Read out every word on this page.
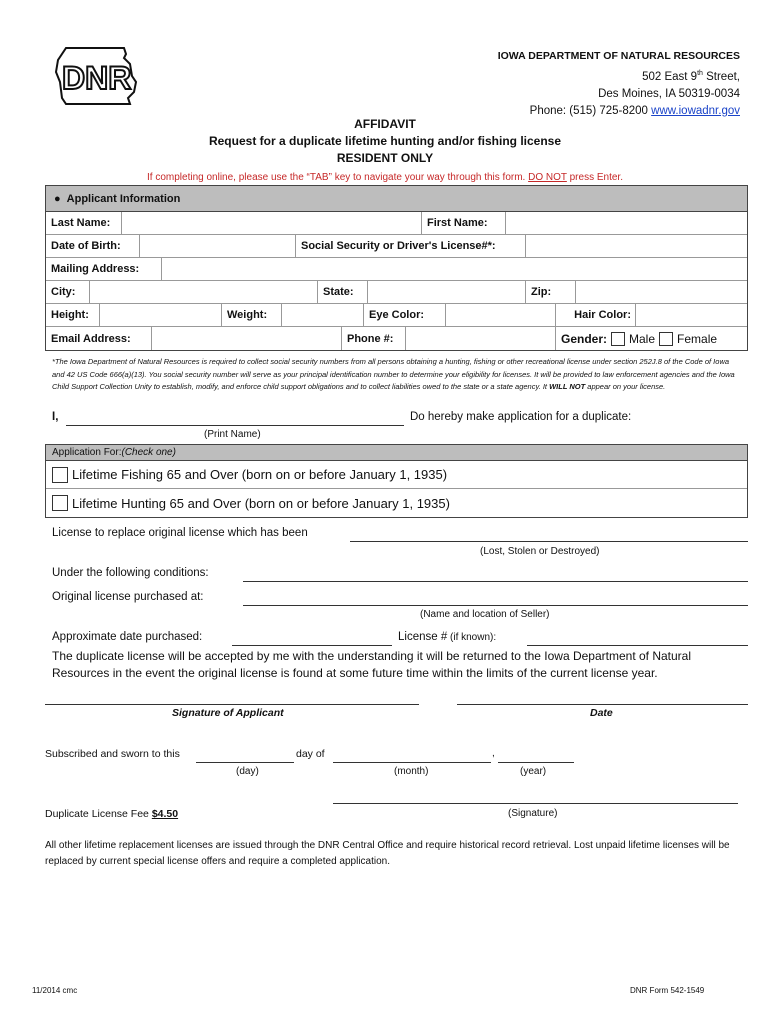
DNR
IOWA DEPARTMENT OF NATURAL RESOURCES
502 East 9th Street,
Des Moines, IA 50319-0034
Phone: (515) 725-8200 www.iowadnr.gov
AFFIDAVIT
Request for a duplicate lifetime hunting and/or fishing license
RESIDENT ONLY
If completing online, please use the “TAB” key to navigate your way through this form. DO NOT press Enter.
● Applicant Information
Last Name:	First Name:
Date of Birth:	Social Security or Driver's License#*:
Mailing Address:
City:	State:	Zip:
Height:	Weight:	Eye Color:	Hair Color:
Email Address:	Phone #:	Gender: Male Female
*The Iowa Department of Natural Resources is required to collect social security numbers from all persons obtaining a hunting, fishing or other recreational license under section 252J.8 of the Code of Iowa and 42 US Code 666(a)(13). You social security number will serve as your principal identification number to determine your eligibility for licenses. It will be provided to law enforcement agencies and the Iowa Child Support Collection Unity to establish, modify, and enforce child support obligations and to collect liabilities owed to the state or a state agency. It WILL NOT appear on your license.
I,	Do hereby make application for a duplicate:
(Print Name)
Application For: (Check one)
Lifetime Fishing 65 and Over (born on or before January 1, 1935)
Lifetime Hunting 65 and Over (born on or before January 1, 1935)
License to replace original license which has been
(Lost, Stolen or Destroyed)
Under the following conditions:
Original license purchased at:
(Name and location of Seller)
Approximate date purchased:	License # (if known):
The duplicate license will be accepted by me with the understanding it will be returned to the Iowa Department of Natural Resources in the event the original license is found at some future time within the limits of the current license year.
Signature of Applicant	Date
Subscribed and sworn to this	day of	,
(day)	(month)	(year)
Duplicate License Fee $4.50	(Signature)
All other lifetime replacement licenses are issued through the DNR Central Office and require historical record retrieval. Lost unpaid lifetime licenses will be replaced by current special license offers and require a completed application.
11/2014 cmc	DNR Form 542-1549
